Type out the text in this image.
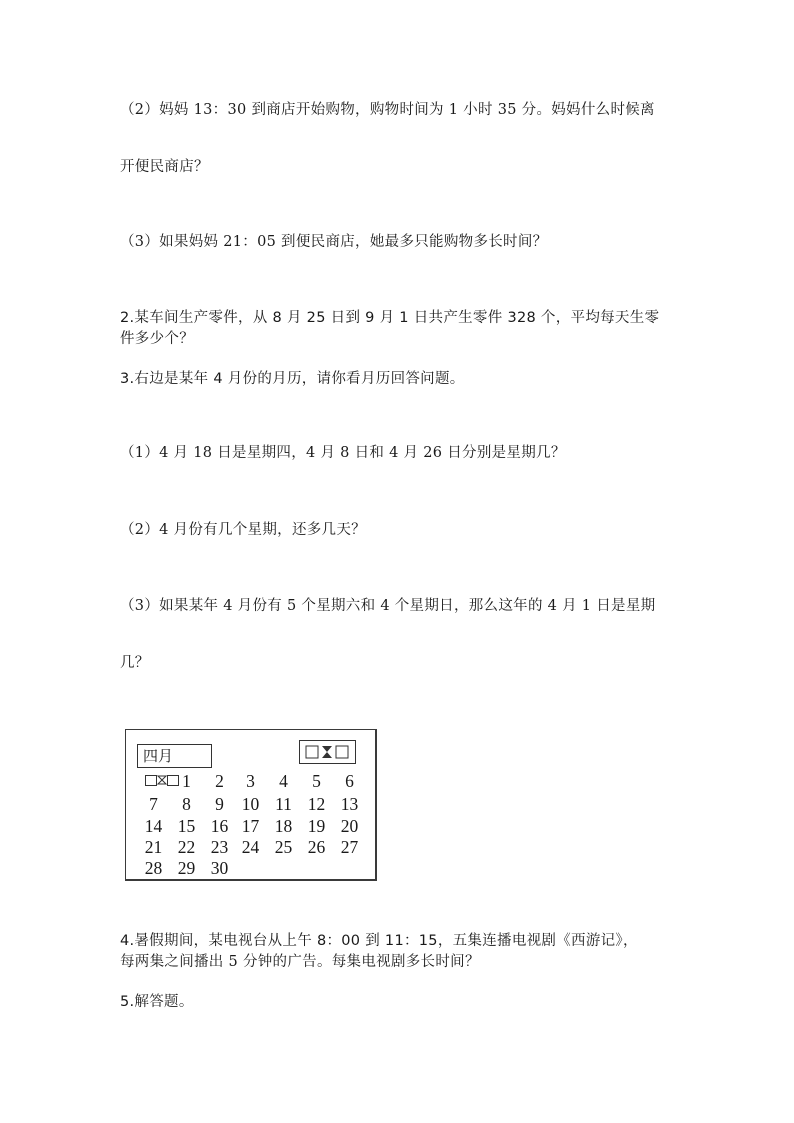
（2）妈妈 13：30 到商店开始购物，购物时间为 1 小时 35 分。妈妈什么时候离
开便民商店？
（3）如果妈妈 21：05 到便民商店，她最多只能购物多长时间？
2.某车间生产零件，从 8 月 25 日到 9 月 1 日共产生零件 328 个，平均每天生零
件多少个？
3.右边是某年 4 月份的月历，请你看月历回答问题。
（1）4 月 18 日是星期四，4 月 8 日和 4 月 26 日分别是星期几？
（2）4 月份有几个星期，还多几天？
（3）如果某年 4 月份有 5 个星期六和 4 个星期日，那么这年的 4 月 1 日是星期
几？
四月
1	2	3	4	5	6
7	8	9	10 11 12 13
14 15 16 17 18 19 20
21 22 23 24 25 26 27
28 29 30
4.暑假期间，某电视台从上午 8：00 到 11：15，五集连播电视剧《西游记》，
每两集之间播出 5 分钟的广告。每集电视剧多长时间？
5.解答题。
